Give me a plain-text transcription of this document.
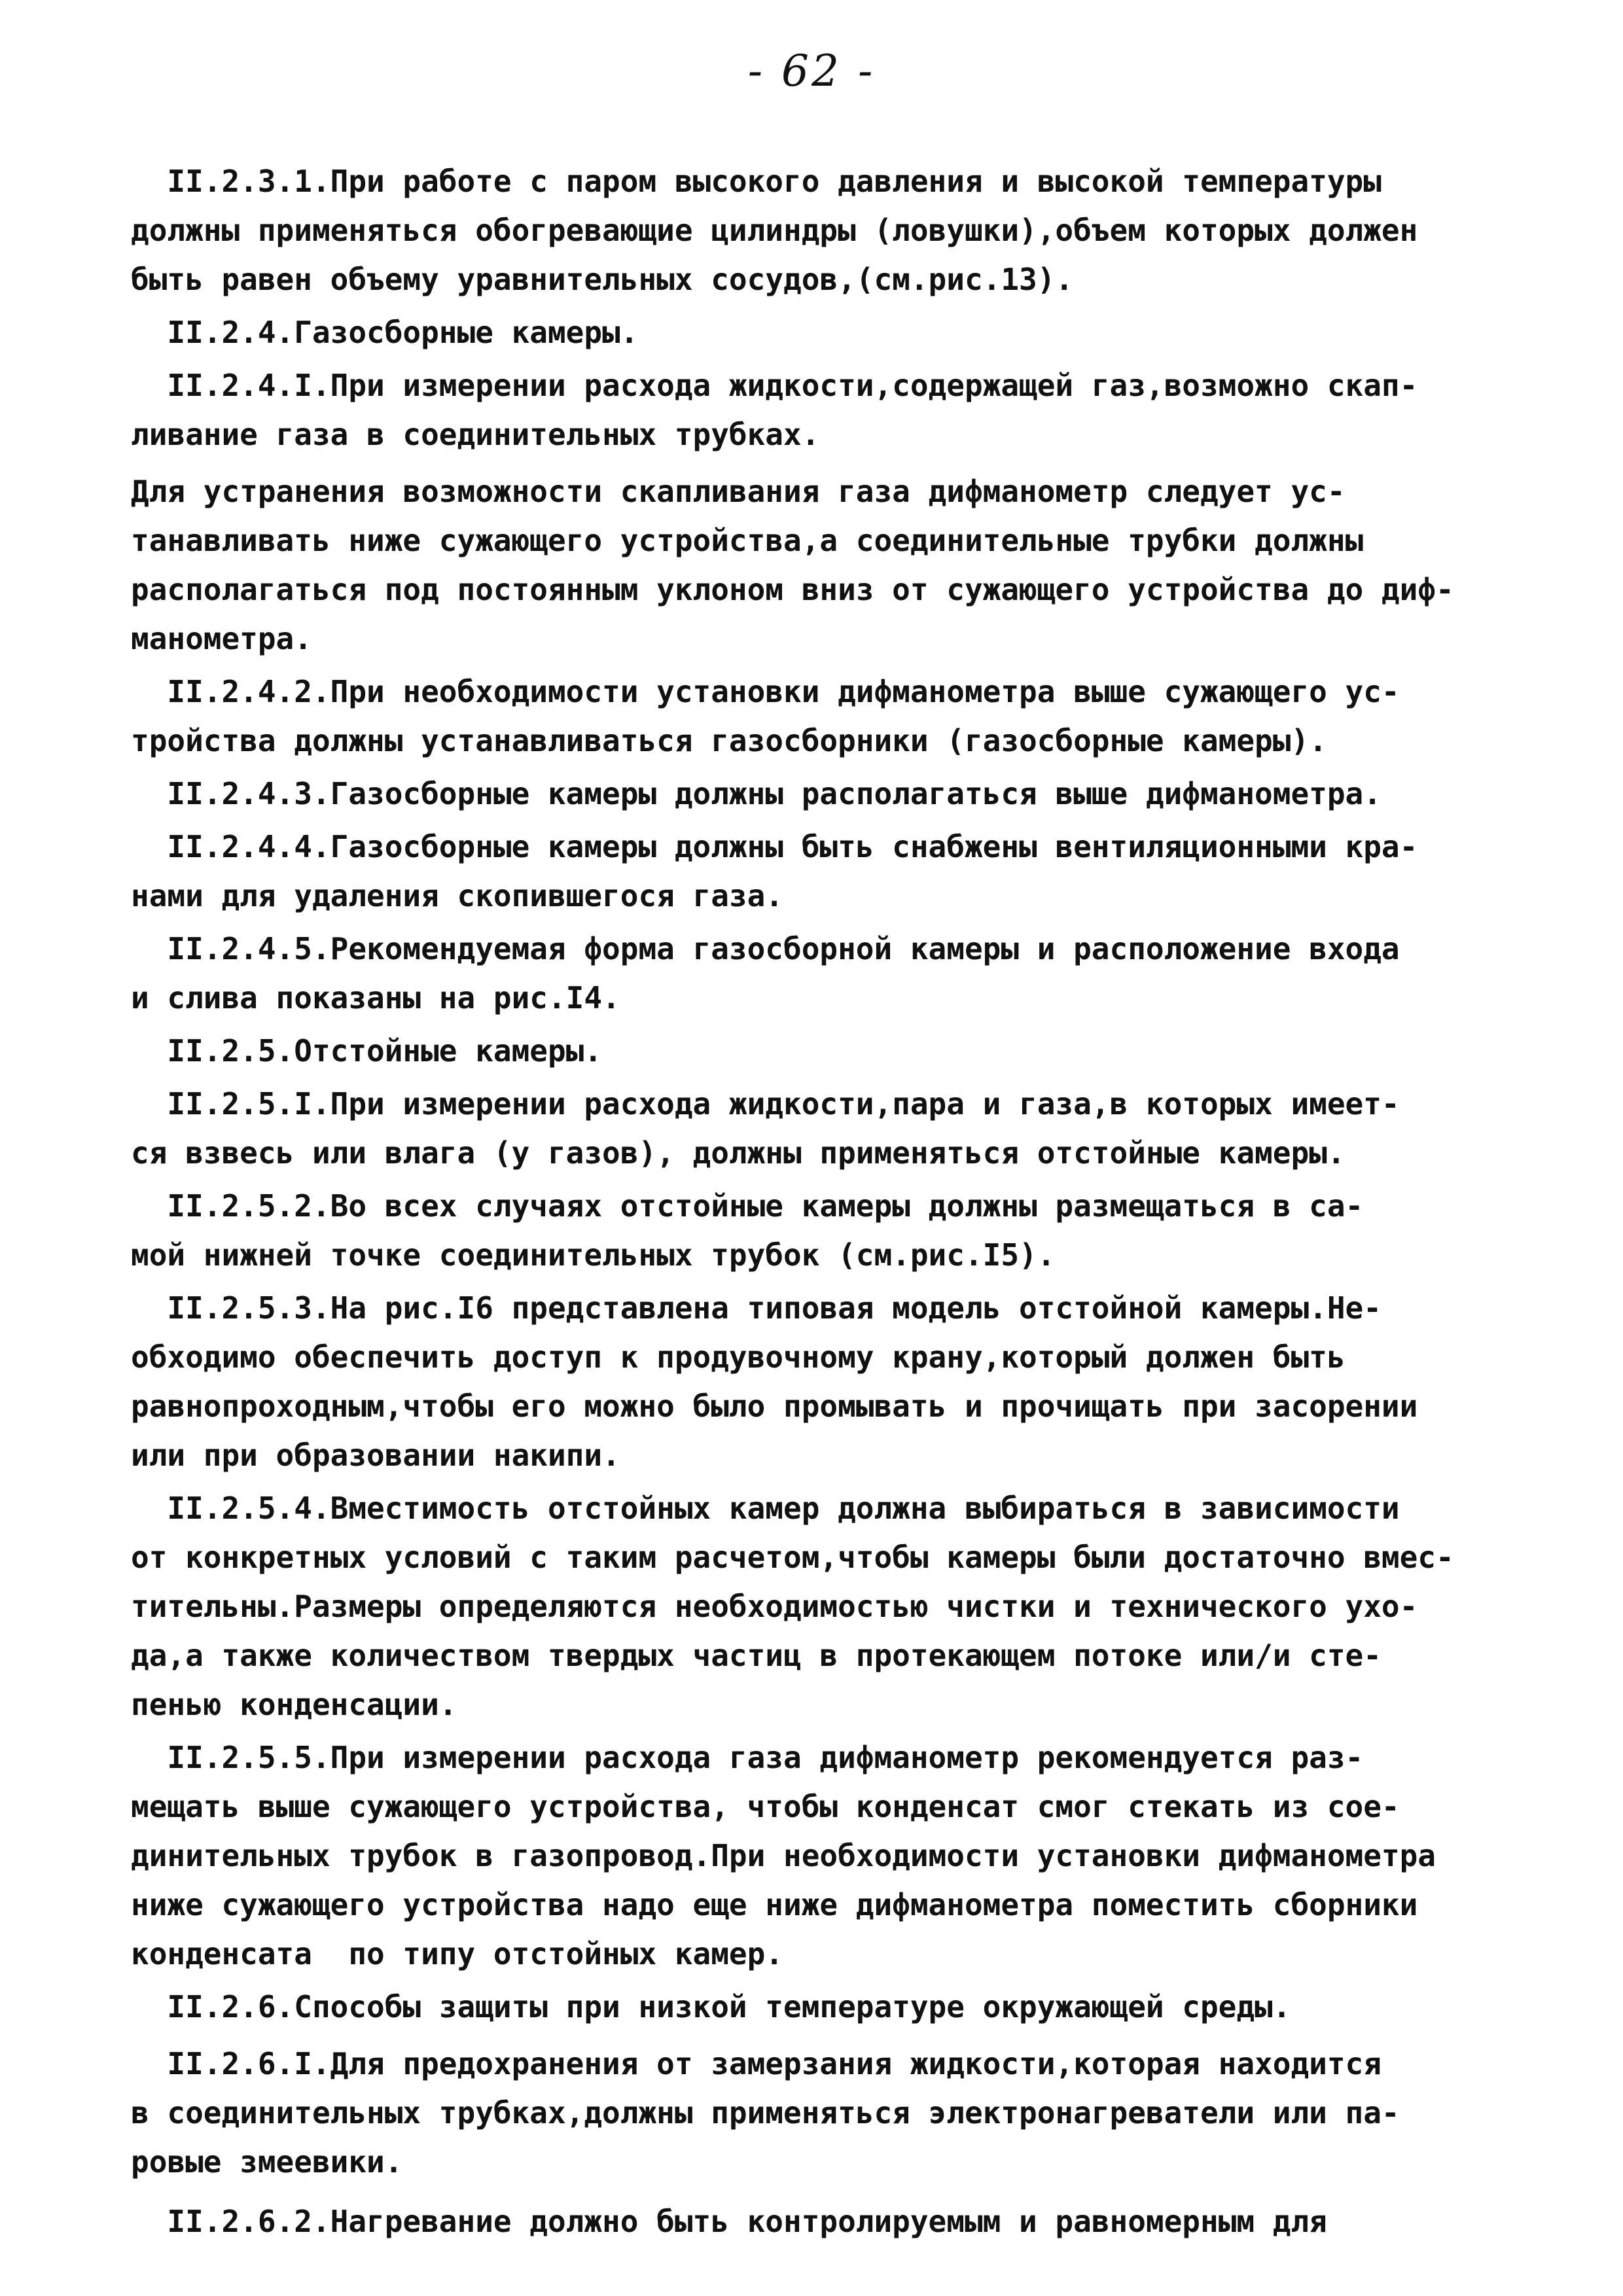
- 62 -
II.2.3.1.При работе с паром высокого давления и высокой температуры
должны применяться обогревающие цилиндры (ловушки),объем которых должен
быть равен объему уравнительных сосудов,(см.рис.13).
II.2.4.Газосборные камеры.
II.2.4.I.При измерении расхода жидкости,содержащей газ,возможно скап-
ливание газа в соединительных трубках.
Для устранения возможности скапливания газа дифманометр следует ус-
танавливать ниже сужающего устройства,а соединительные трубки должны
располагаться под постоянным уклоном вниз от сужающего устройства до диф-
манометра.
II.2.4.2.При необходимости установки дифманометра выше сужающего ус-
тройства должны устанавливаться газосборники (газосборные камеры).
II.2.4.3.Газосборные камеры должны располагаться выше дифманометра.
II.2.4.4.Газосборные камеры должны быть снабжены вентиляционными кра-
нами для удаления скопившегося газа.
II.2.4.5.Рекомендуемая форма газосборной камеры и расположение входа
и слива показаны на рис.I4.
II.2.5.Отстойные камеры.
II.2.5.I.При измерении расхода жидкости,пара и газа,в которых имеет-
ся взвесь или влага (у газов), должны применяться отстойные камеры.
II.2.5.2.Во всех случаях отстойные камеры должны размещаться в са-
мой нижней точке соединительных трубок (см.рис.I5).
II.2.5.3.На рис.I6 представлена типовая модель отстойной камеры.Не-
обходимо обеспечить доступ к продувочному крану,который должен быть
равнопроходным,чтобы его можно было промывать и прочищать при засорении
или при образовании накипи.
II.2.5.4.Вместимость отстойных камер должна выбираться в зависимости
от конкретных условий с таким расчетом,чтобы камеры были достаточно вмес-
тительны.Размеры определяются необходимостью чистки и технического ухо-
да,а также количеством твердых частиц в протекающем потоке или/и сте-
пенью конденсации.
II.2.5.5.При измерении расхода газа дифманометр рекомендуется раз-
мещать выше сужающего устройства, чтобы конденсат смог стекать из сое-
динительных трубок в газопровод.При необходимости установки дифманометра
ниже сужающего устройства надо еще ниже дифманометра поместить сборники
конденсата  по типу отстойных камер.
II.2.6.Способы защиты при низкой температуре окружающей среды.
II.2.6.I.Для предохранения от замерзания жидкости,которая находится
в соединительных трубках,должны применяться электронагреватели или па-
ровые змеевики.
II.2.6.2.Нагревание должно быть контролируемым и равномерным для
